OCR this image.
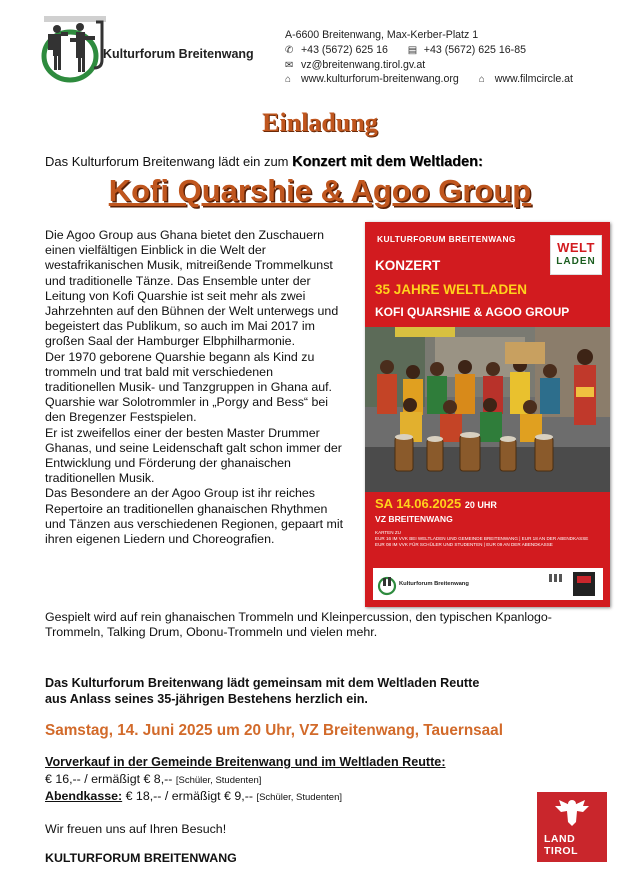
Kulturforum Breitenwang
A-6600 Breitenwang, Max-Kerber-Platz 1
✆ +43 (5672) 625 16 ▤ +43 (5672) 625 16-85
✉ vz@breitenwang.tirol.gv.at
⌂ www.kulturforum-breitenwang.org ⌂ www.filmcircle.at
Einladung
Das Kulturforum Breitenwang lädt ein zum Konzert mit dem Weltladen:
Kofi Quarshie & Agoo Group

Die Agoo Group aus Ghana bietet den Zuschauern einen vielfältigen Einblick in die Welt der westafrikanischen Musik, mitreißende Trommelkunst und traditionelle Tänze. Das Ensemble unter der Leitung von Kofi Quarshie ist seit mehr als zwei Jahrzehnten auf den Bühnen der Welt unterwegs und begeistert das Publikum, so auch im Mai 2017 im großen Saal der Hamburger Elbphilharmonie.

Der 1970 geborene Quarshie begann als Kind zu trommeln und trat bald mit verschiedenen traditionellen Musik- und Tanzgruppen in Ghana auf. Quarshie war Solotrommler in „Porgy and Bess“ bei den Bregenzer Festspielen.

Er ist zweifellos einer der besten Master Drummer Ghanas, und seine Leidenschaft galt schon immer der Entwicklung und Förderung der ghanaischen traditionellen Musik.

Das Besondere an der Agoo Group ist ihr reiches Repertoire an traditionellen ghanaischen Rhythmen und Tänzen aus verschiedenen Regionen, gepaart mit ihren eigenen Liedern und Choreografien.

Gespielt wird auf rein ghanaischen Trommeln und Kleinpercussion, den typischen Kpanlogo-Trommeln, Talking Drum, Obonu-Trommeln und vielen mehr.

KULTURFORUM BREITENWANG
WELT
LADEN
KONZERT
35 JAHRE WELTLADEN
KOFI QUARSHIE & AGOO GROUP
SA 14.06.2025 20 UHR
VZ BREITENWANG
KARTEN ZU
EUR 16 IM VVK BEI WELTLADEN UND GEMEINDE BREITENWANG | EUR 18 AN DER ABENDKASSE
EUR 08 IM VVK FÜR SCHÜLER UND STUDENTEN | EUR 09 AN DER ABENDKASSE
Kulturforum Breitenwang
Das Kulturforum Breitenwang lädt gemeinsam mit dem Weltladen Reutte
aus Anlass seines 35-jährigen Bestehens herzlich ein.
Samstag, 14. Juni 2025 um 20 Uhr, VZ Breitenwang, Tauernsaal
Vorverkauf in der Gemeinde Breitenwang und im Weltladen Reutte:
€ 16,-- / ermäßigt € 8,-- [Schüler, Studenten]
Abendkasse: € 18,-- / ermäßigt € 9,-- [Schüler, Studenten]
Wir freuen uns auf Ihren Besuch!
KULTURFORUM BREITENWANG
LAND
TIROL
